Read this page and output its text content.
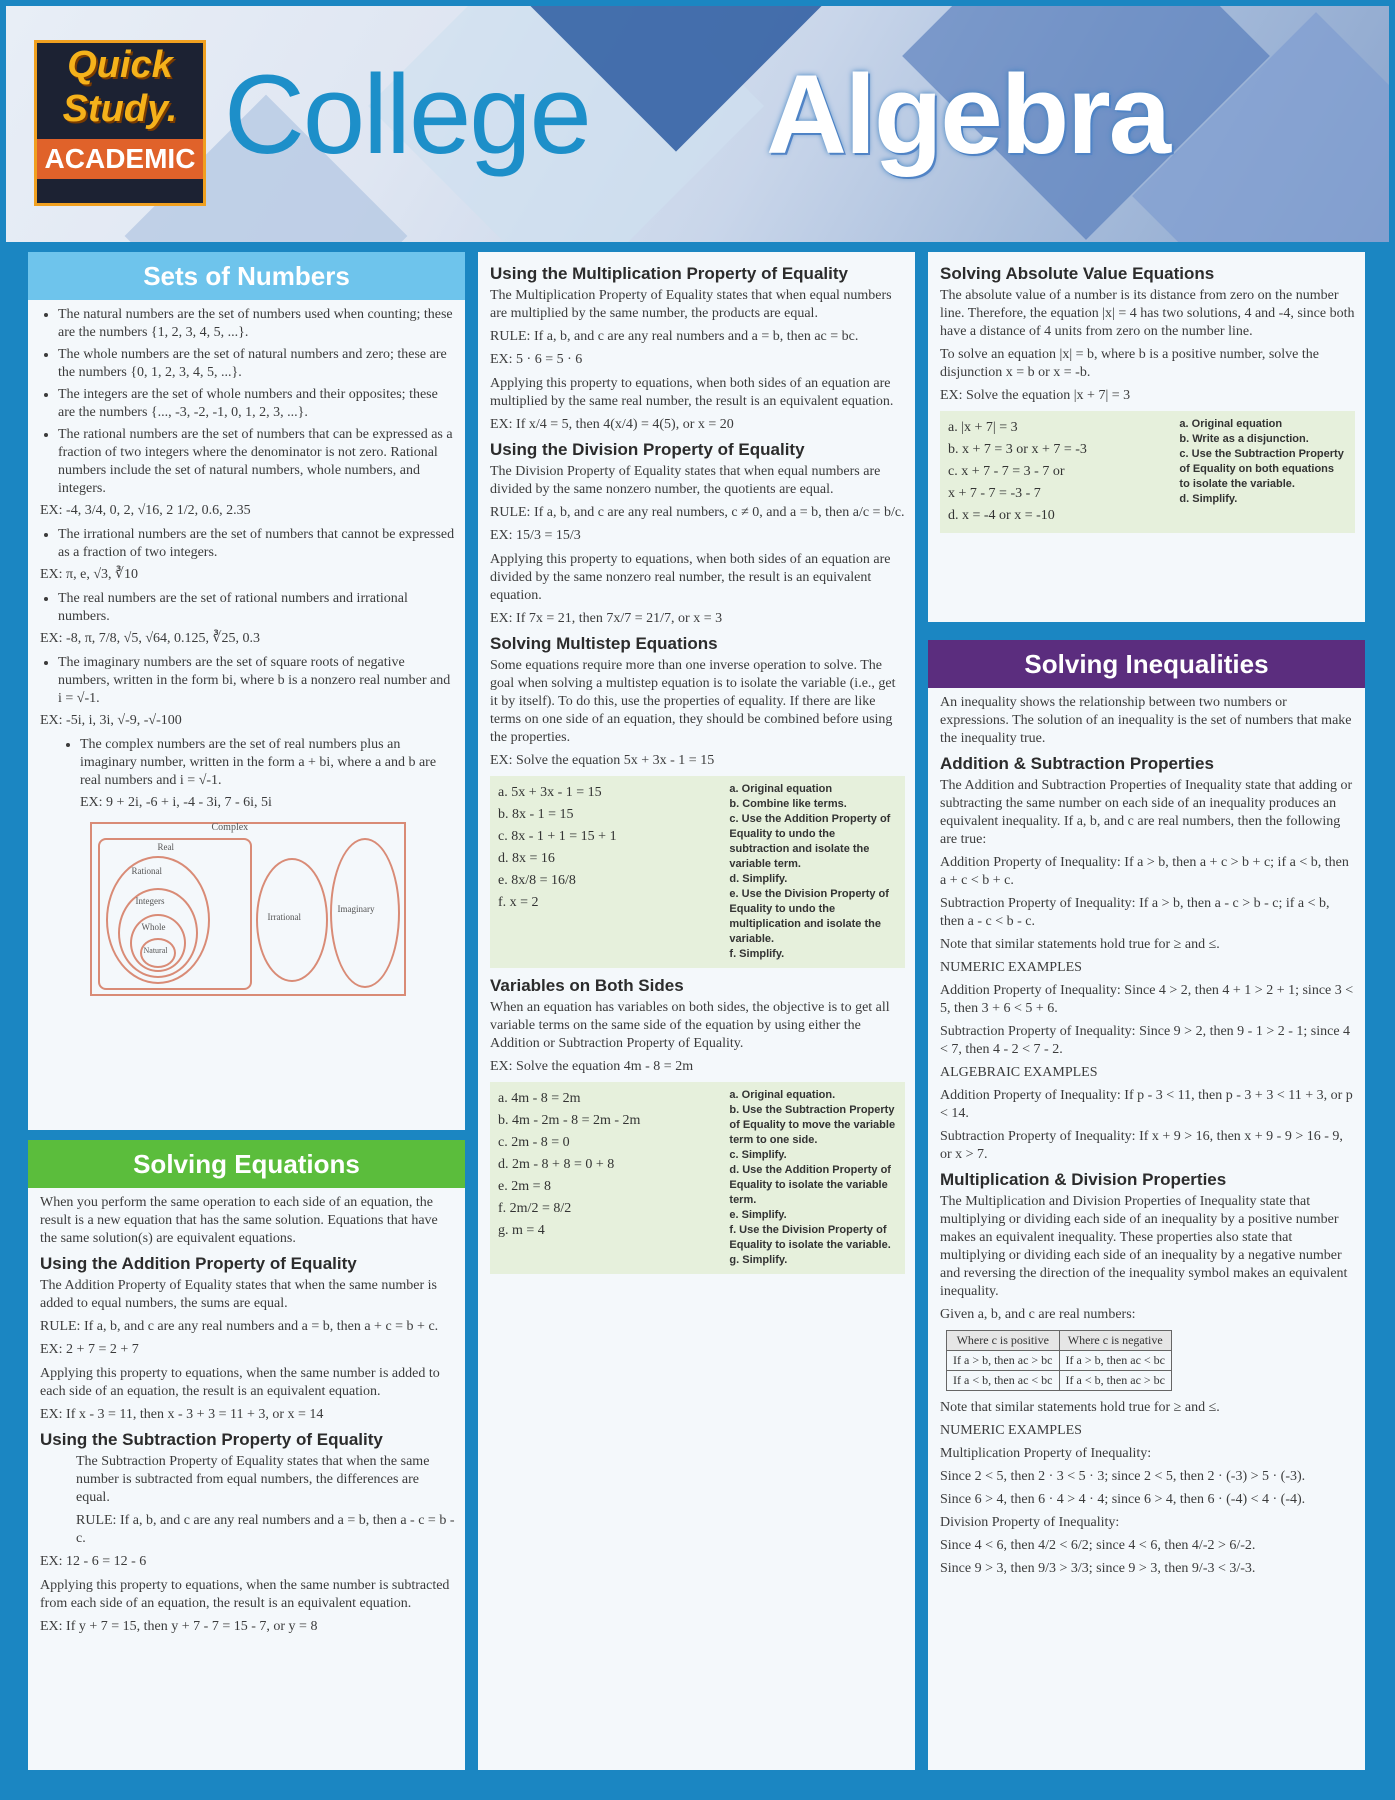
Quick
Study.
ACADEMIC College Algebra
Sets of Numbers
• The natural numbers are the set of numbers used when counting; these are the numbers {1, 2, 3, 4, 5, ...}.
• The whole numbers are the set of natural numbers and zero; these are the numbers {0, 1, 2, 3, 4, 5, ...}.
• The integers are the set of whole numbers and their opposites; these are the numbers {..., -3, -2, -1, 0, 1, 2, 3, ...}.
• The rational numbers are the set of numbers that can be expressed as a fraction of two integers where the denominator is not zero. Rational numbers include the set of natural numbers, whole numbers, and integers.
EX: -4, 3/4, 0, 2, √16, 2 1/2, 0.6, 2.35
• The irrational numbers are the set of numbers that cannot be expressed as a fraction of two integers.
EX: π, e, √3, ∛10
• The real numbers are the set of rational numbers and irrational numbers.
EX: -8, π, 7/8, √5, √64, 0.125, ∛25, 0.3
• The imaginary numbers are the set of square roots of negative numbers, written in the form bi, where b is a nonzero real number and i = √-1.
EX: -5i, i, 3i, √-9, -√-100
• The complex numbers are the set of real numbers plus an imaginary number, written in the form a + bi, where a and b are real numbers and i = √-1.
EX: 9 + 2i, -6 + i, -4 - 3i, 7 - 6i, 5i
Complex
Real
Rational
Integers
Whole
Natural
Irrational
Imaginary
Solving Equations

When you perform the same operation to each side of an equation, the result is a new equation that has the same solution. Equations that have the same solution(s) are equivalent equations.

Using the Addition Property of Equality

The Addition Property of Equality states that when the same number is added to equal numbers, the sums are equal.

RULE: If a, b, and c are any real numbers and a = b, then a + c = b + c.

EX: 2 + 7 = 2 + 7

Applying this property to equations, when the same number is added to each side of an equation, the result is an equivalent equation.

EX: If x - 3 = 11, then x - 3 + 3 = 11 + 3, or x = 14
Using the Subtraction Property of Equality

The Subtraction Property of Equality states that when the same number is subtracted from equal numbers, the differences are equal.

RULE: If a, b, and c are any real numbers and a = b, then a - c = b - c.

EX: 12 - 6 = 12 - 6

Applying this property to equations, when the same number is subtracted from each side of an equation, the result is an equivalent equation.

EX: If y + 7 = 15, then y + 7 - 7 = 15 - 7, or y = 8
Using the Multiplication Property of Equality

The Multiplication Property of Equality states that when equal numbers are multiplied by the same number, the products are equal.

RULE: If a, b, and c are any real numbers and a = b, then ac = bc.

EX: 5 · 6 = 5 · 6

Applying this property to equations, when both sides of an equation are multiplied by the same real number, the result is an equivalent equation.

EX: If x/4 = 5, then 4(x/4) = 4(5), or x = 20
Using the Division Property of Equality

The Division Property of Equality states that when equal numbers are divided by the same nonzero number, the quotients are equal.

RULE: If a, b, and c are any real numbers, c ≠ 0, and a = b, then a/c = b/c.

EX: 15/3 = 15/3

Applying this property to equations, when both sides of an equation are divided by the same nonzero real number, the result is an equivalent equation.

EX: If 7x = 21, then 7x/7 = 21/7, or x = 3
Solving Multistep Equations

Some equations require more than one inverse operation to solve. The goal when solving a multistep equation is to isolate the variable (i.e., get it by itself). To do this, use the properties of equality. If there are like terms on one side of an equation, they should be combined before using the properties.

EX: Solve the equation 5x + 3x - 1 = 15
a. 5x + 3x - 1 = 15
b. 8x - 1 = 15
c. 8x - 1 + 1 = 15 + 1
d. 8x = 16
e. 8x/8 = 16/8
f. x = 2
a. Original equation
b. Combine like terms.
c. Use the Addition Property of Equality to undo the subtraction and isolate the variable term.
d. Simplify.
e. Use the Division Property of Equality to undo the multiplication and isolate the variable.
f. Simplify.
Variables on Both Sides

When an equation has variables on both sides, the objective is to get all variable terms on the same side of the equation by using either the Addition or Subtraction Property of Equality.

EX: Solve the equation 4m - 8 = 2m
a. 4m - 8 = 2m
b. 4m - 2m - 8 = 2m - 2m
c. 2m - 8 = 0
d. 2m - 8 + 8 = 0 + 8
e. 2m = 8
f. 2m/2 = 8/2
g. m = 4
a. Original equation.
b. Use the Subtraction Property of Equality to move the variable term to one side.
c. Simplify.
d. Use the Addition Property of Equality to isolate the variable term.
e. Simplify.
f. Use the Division Property of Equality to isolate the variable.
g. Simplify.
Solving Absolute Value Equations

The absolute value of a number is its distance from zero on the number line. Therefore, the equation |x| = 4 has two solutions, 4 and -4, since both have a distance of 4 units from zero on the number line.

To solve an equation |x| = b, where b is a positive number, solve the disjunction x = b or x = -b.

EX: Solve the equation |x + 7| = 3
a. |x + 7| = 3
b. x + 7 = 3 or x + 7 = -3
c. x + 7 - 7 = 3 - 7 or
x + 7 - 7 = -3 - 7
d. x = -4 or x = -10
a. Original equation
b. Write as a disjunction.
c. Use the Subtraction Property of Equality on both equations to isolate the variable.
d. Simplify.
Solving Inequalities

An inequality shows the relationship between two numbers or expressions. The solution of an inequality is the set of numbers that make the inequality true.

Addition & Subtraction Properties

The Addition and Subtraction Properties of Inequality state that adding or subtracting the same number on each side of an inequality produces an equivalent inequality. If a, b, and c are real numbers, then the following are true:

Addition Property of Inequality: If a > b, then a + c > b + c; if a < b, then a + c < b + c.

Subtraction Property of Inequality: If a > b, then a - c > b - c; if a < b, then a - c < b - c.

Note that similar statements hold true for ≥ and ≤.

NUMERIC EXAMPLES

Addition Property of Inequality: Since 4 > 2, then 4 + 1 > 2 + 1; since 3 < 5, then 3 + 6 < 5 + 6.

Subtraction Property of Inequality: Since 9 > 2, then 9 - 1 > 2 - 1; since 4 < 7, then 4 - 2 < 7 - 2.

ALGEBRAIC EXAMPLES

Addition Property of Inequality: If p - 3 < 11, then p - 3 + 3 < 11 + 3, or p < 14.

Subtraction Property of Inequality: If x + 9 > 16, then x + 9 - 9 > 16 - 9, or x > 7.

Multiplication & Division Properties

The Multiplication and Division Properties of Inequality state that multiplying or dividing each side of an inequality by a positive number makes an equivalent inequality. These properties also state that multiplying or dividing each side of an inequality by a negative number and reversing the direction of the inequality symbol makes an equivalent inequality.

Given a, b, and c are real numbers:

Where c is positive	Where c is negative
If a > b, then ac > bc	If a > b, then ac < bc
If a < b, then ac < bc	If a < b, then ac > bc

Note that similar statements hold true for ≥ and ≤.

NUMERIC EXAMPLES

Multiplication Property of Inequality:

Since 2 < 5, then 2 · 3 < 5 · 3; since 2 < 5, then 2 · (-3) > 5 · (-3).

Since 6 > 4, then 6 · 4 > 4 · 4; since 6 > 4, then 6 · (-4) < 4 · (-4).

Division Property of Inequality:

Since 4 < 6, then 4/2 < 6/2; since 4 < 6, then 4/-2 > 6/-2.

Since 9 > 3, then 9/3 > 3/3; since 9 > 3, then 9/-3 < 3/-3.
